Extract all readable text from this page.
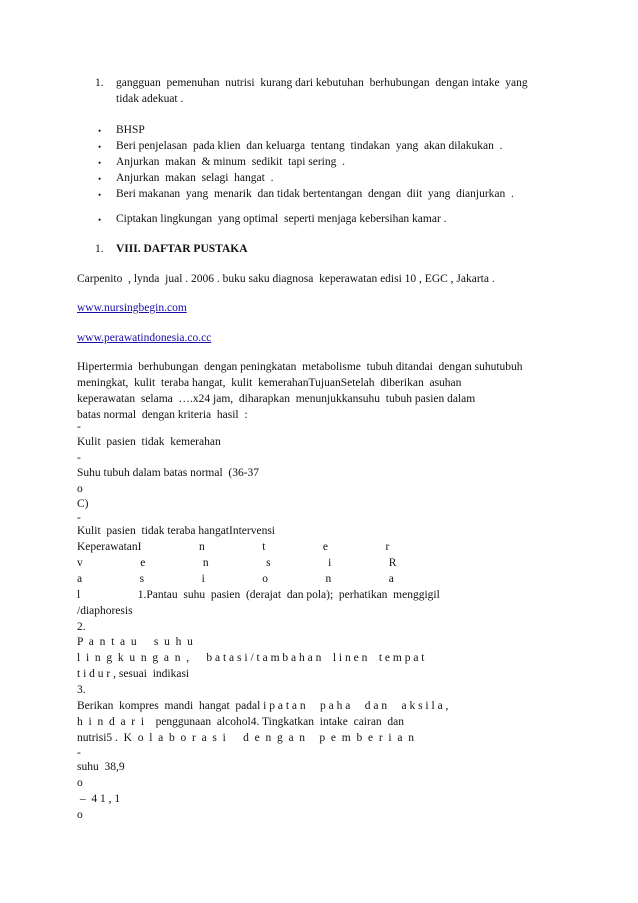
1. gangguan  pemenuhan  nutrisi  kurang dari kebutuhan  berhubungan  dengan intake  yang
tidak adekuat .
• BHSP
• Beri penjelasan  pada klien  dan keluarga  tentang  tindakan  yang  akan dilakukan  .
• Anjurkan  makan  & minum  sedikit  tapi sering  .
• Anjurkan  makan  selagi  hangat  .
• Beri makanan  yang  menarik  dan tidak bertentangan  dengan  diit  yang  dianjurkan  .
• Ciptakan lingkungan  yang optimal  seperti menjaga kebersihan kamar .
1. VIII. DAFTAR PUSTAKA
Carpenito  , lynda  jual . 2006 . buku saku diagnosa  keperawatan edisi 10 , EGC , Jakarta .
www.nursingbegin.com
www.perawatindonesia.co.cc
Hipertermia  berhubungan  dengan peningkatan  metabolisme  tubuh ditandai  dengan suhutubuh
meningkat,  kulit  teraba hangat,  kulit  kemerahanTujuanSetelah  diberikan  asuhan
keperawatan  selama  ….x24 jam,  diharapkan  menunjukkansuhu  tubuh pasien dalam
batas normal  dengan kriteria  hasil  :
-
Kulit  pasien  tidak  kemerahan
-
Suhu tubuh dalam batas normal  (36-37
o
C)
-
Kulit  pasien  tidak teraba hangatIntervensi
KeperawatanI                    n                    t                    e                    r
v                    e                    n                    s                    i                    R
a                    s                    i                    o                    n                    a
l                    1.Pantau  suhu  pasien  (derajat  dan pola);  perhatikan  menggigil
/diaphoresis
2.
P  a  n  t  a  u      s  u  h  u
l  i  n  g  k  u  n  g  a  n  ,      b a t a s i / t a m b a h a n    l i n e n    t e m p a t
t i d u r , sesuai  indikasi
3.
Berikan  kompres  mandi  hangat  padal i p a t a n     p a h a     d a n     a k s i l a ,
h  i  n  d  a  r  i    penggunaan  alcohol4. Tingkatkan  intake  cairan  dan
nutrisi5 .  K  o  l  a  b  o  r  a  s  i      d  e  n  g  a  n     p  e  m  b  e  r  i  a  n
-
suhu  38,9
o
–  4 1 , 1
o
